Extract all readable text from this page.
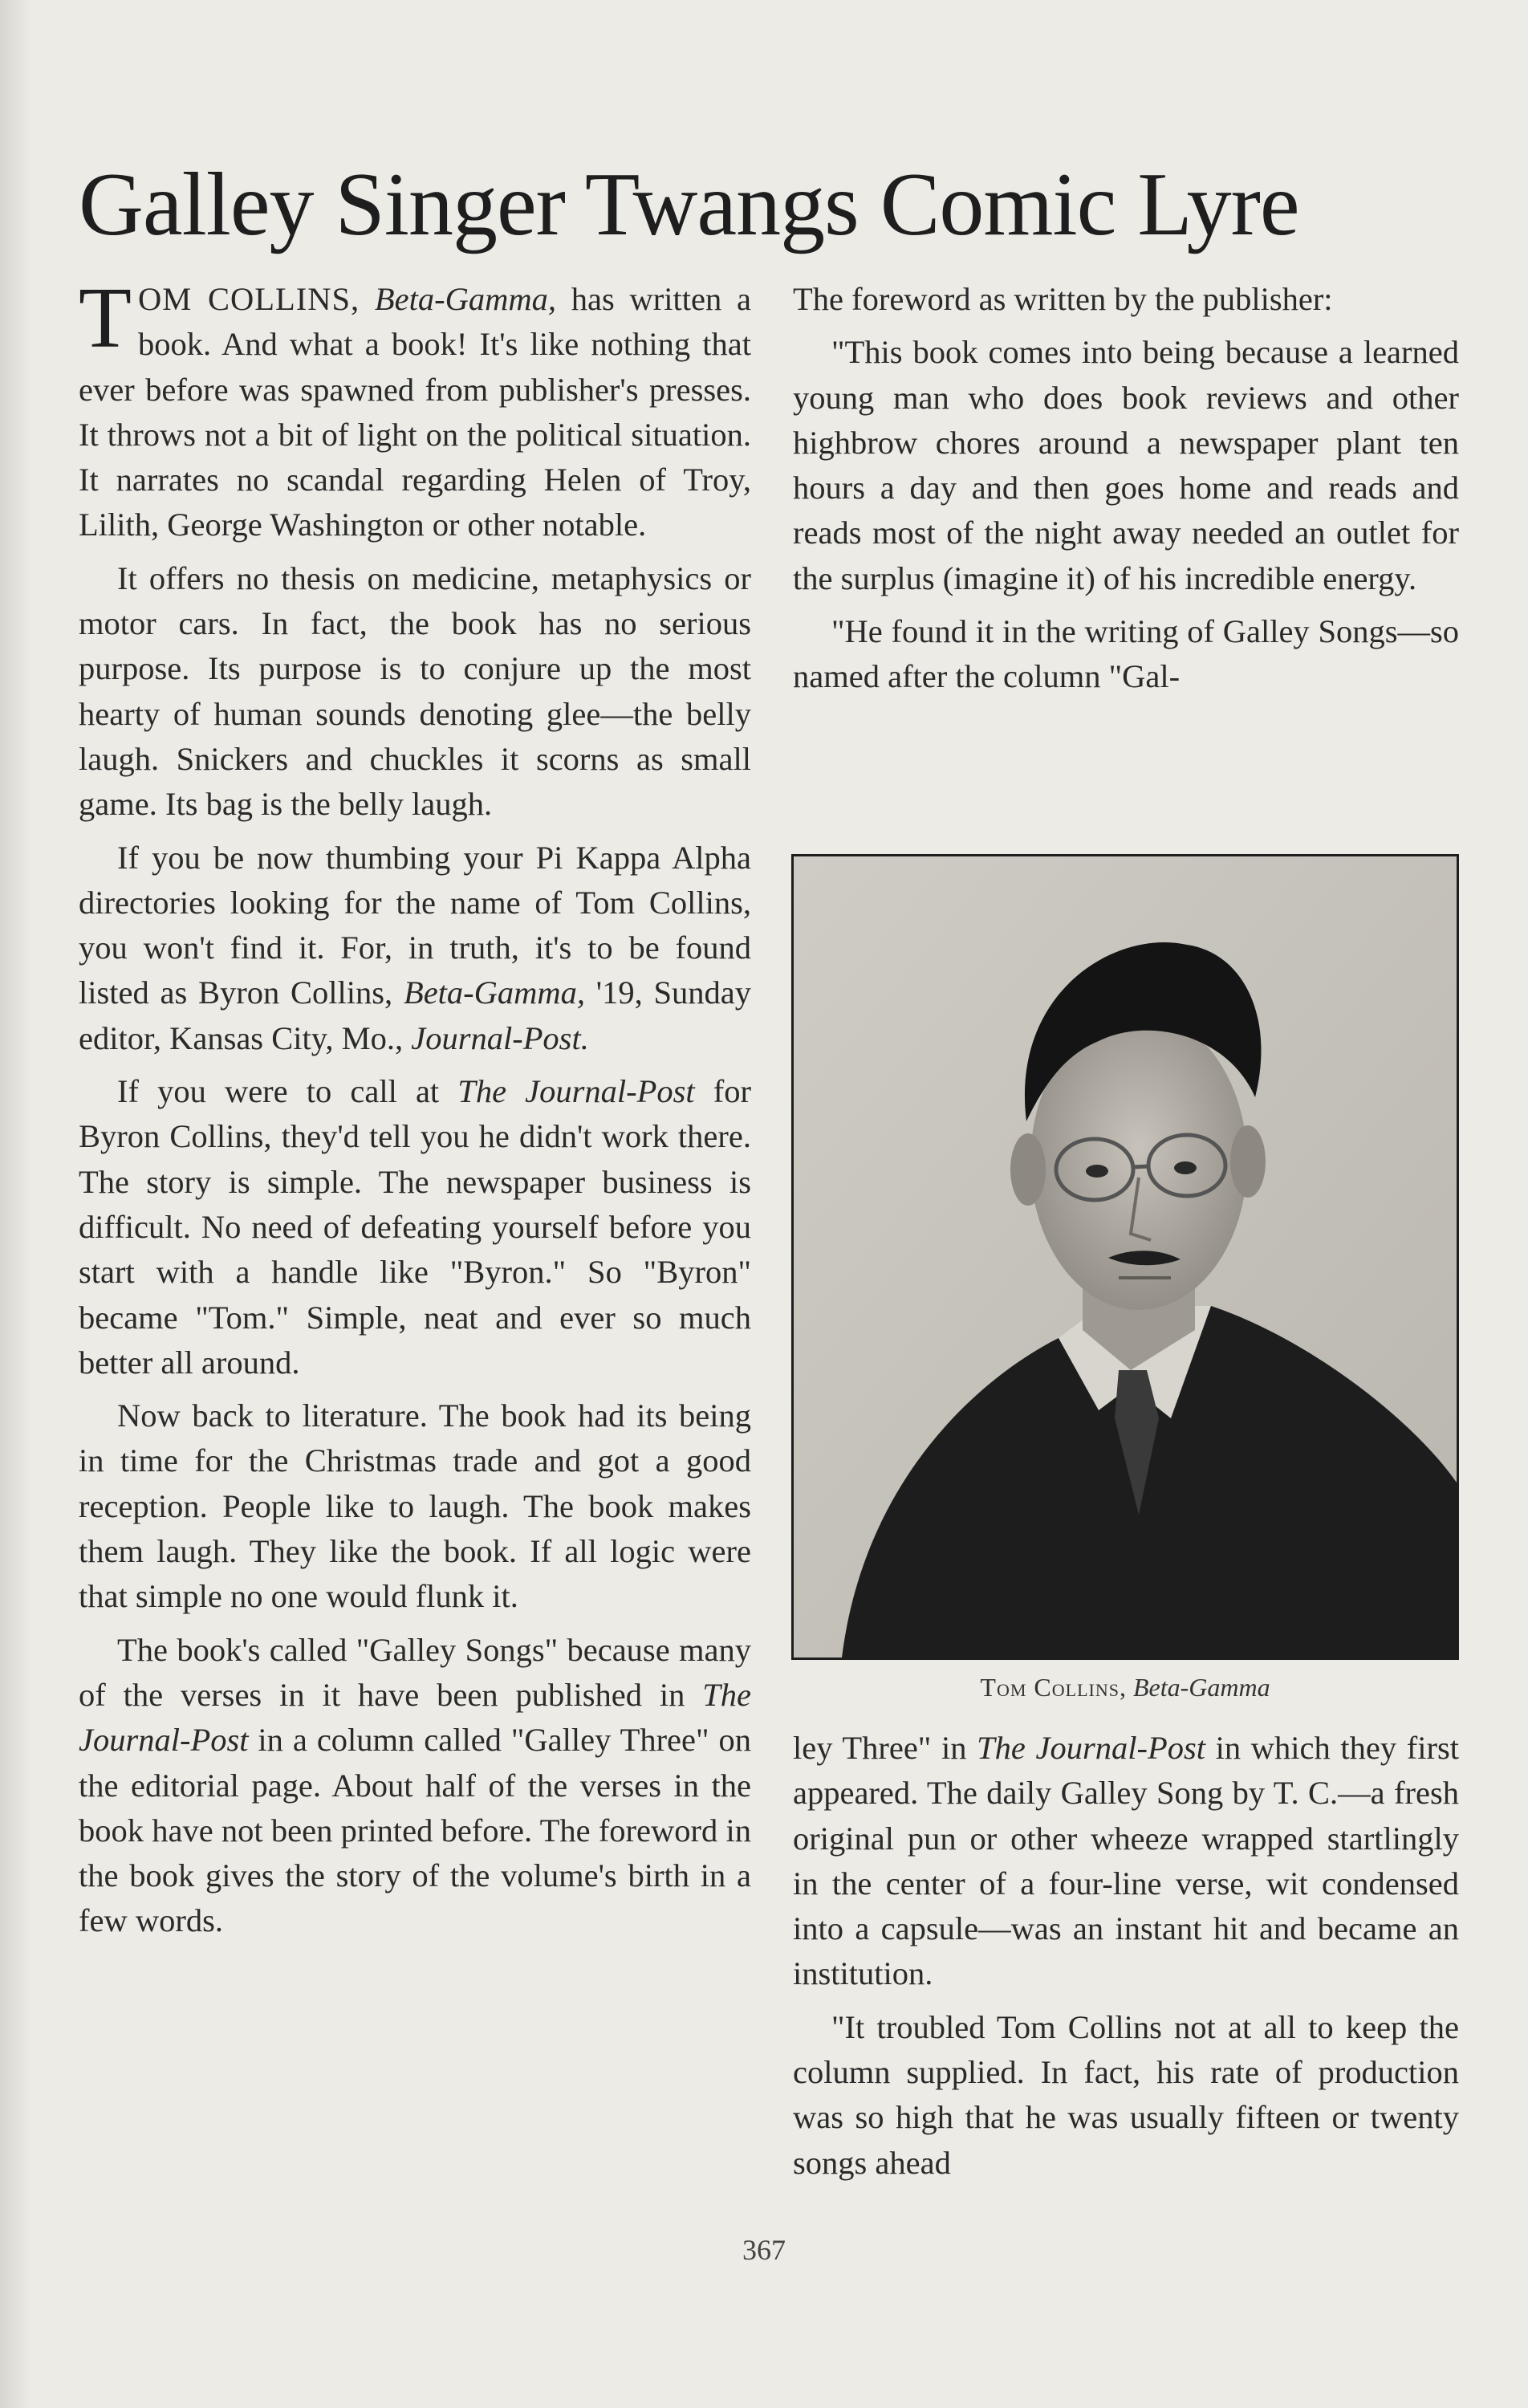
Galley Singer Twangs Comic Lyre

TOM COLLINS, Beta-Gamma, has written a book. And what a book! It's like nothing that ever before was spawned from publisher's presses. It throws not a bit of light on the political situation. It narrates no scandal regarding Helen of Troy, Lilith, George Washington or other notable.

It offers no thesis on medicine, metaphysics or motor cars. In fact, the book has no serious purpose. Its purpose is to conjure up the most hearty of human sounds denoting glee—the belly laugh. Snickers and chuckles it scorns as small game. Its bag is the belly laugh.

If you be now thumbing your Pi Kappa Alpha directories looking for the name of Tom Collins, you won't find it. For, in truth, it's to be found listed as Byron Collins, Beta-Gamma, '19, Sunday editor, Kansas City, Mo., Journal-Post.

If you were to call at The Journal-Post for Byron Collins, they'd tell you he didn't work there. The story is simple. The newspaper business is difficult. No need of defeating yourself before you start with a handle like "Byron." So "Byron" became "Tom." Simple, neat and ever so much better all around.

Now back to literature. The book had its being in time for the Christmas trade and got a good reception. People like to laugh. The book makes them laugh. They like the book. If all logic were that simple no one would flunk it.

The book's called "Galley Songs" because many of the verses in it have been published in The Journal-Post in a column called "Galley Three" on the editorial page. About half of the verses in the book have not been printed before. The foreword in the book gives the story of the volume's birth in a few words.

The foreword as written by the publisher:

"This book comes into being because a learned young man who does book reviews and other highbrow chores around a newspaper plant ten hours a day and then goes home and reads and reads most of the night away needed an outlet for the surplus (imagine it) of his incredible energy.

"He found it in the writing of Galley Songs—so named after the column "Gal-

Tom Collins, Beta-Gamma

ley Three" in The Journal-Post in which they first appeared. The daily Galley Song by T. C.—a fresh original pun or other wheeze wrapped startlingly in the center of a four-line verse, wit condensed into a capsule—was an instant hit and became an institution.

"It troubled Tom Collins not at all to keep the column supplied. In fact, his rate of production was so high that he was usually fifteen or twenty songs ahead

367
